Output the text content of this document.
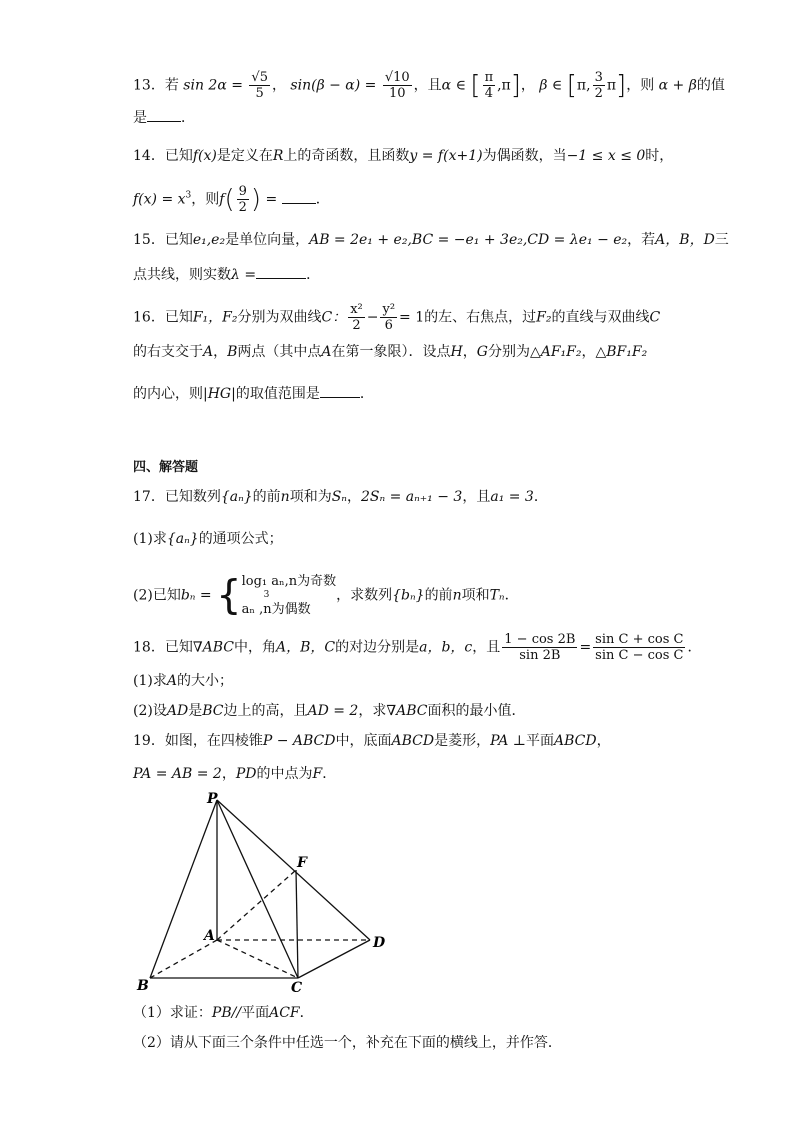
13．若 $\sin 2\alpha = \frac{√5}{5}$ ， $\sin(\beta - \alpha) = \frac{√10}{10}$ ，且α ∈ [ $\frac{\pi}{4} ,\pi$]， β ∈ [π, $\frac{3}{2} \pi$]，则 α + β的值
是 ．
14．已知f(x)是定义在R上的奇函数，且函数y = f(x+1)为偶函数，当−1 ≤ x ≤ 0时，
$f(x) = x^3$，则$f( \frac{9}{2}$ ) =	．
15．已知e₁,e₂是单位向量，AB = 2e₁ + e₂,BC = −e₁ + 3e₂,CD = λe₁ − e₂，若A，B，D三
点共线，则实数λ =	．
16．已知F₁，F₂分别为双曲线C： $\frac{\text{x²}}{2} - \frac{\text{y²}}{6} = 1$的左、右焦点，过F₂的直线与双曲线C
的右支交于A，B两点（其中点A在第一象限）．设点H，G分别为△AF₁F₂，△BF₁F₂
的内心，则|HG|的取值范围是	．
四、解答题
17．已知数列{aₙ}的前n项和为Sₙ，2Sₙ = aₙ₊₁ − 3，且a₁ = 3．
(1)求{aₙ}的通项公式；
(2)已知bₙ = { log₁ aₙ,n为奇数
3
aₙ ,n为偶数
，求数列{bₙ}的前n项和Tₙ．
18．已知∇ABC中，角A，B，C的对边分别是a，b，c，且 $\frac{1 - \cos 2B}{\sin 2B} = \frac{\text{sin C + cos C}}{\text{sin C − cos C}}$ ．
(1)求A的大小；
(2)设AD是BC边上的高，且AD = 2，求∇ABC面积的最小值．
19．如图，在四棱锥P − ABCD中，底面ABCD是菱形，PA ⊥平面ABCD，
PA = AB = 2，PD的中点为F．
P
F
A	D
B	C
（1）求证：PB//平面ACF．
（2）请从下面三个条件中任选一个，补充在下面的横线上，并作答．
